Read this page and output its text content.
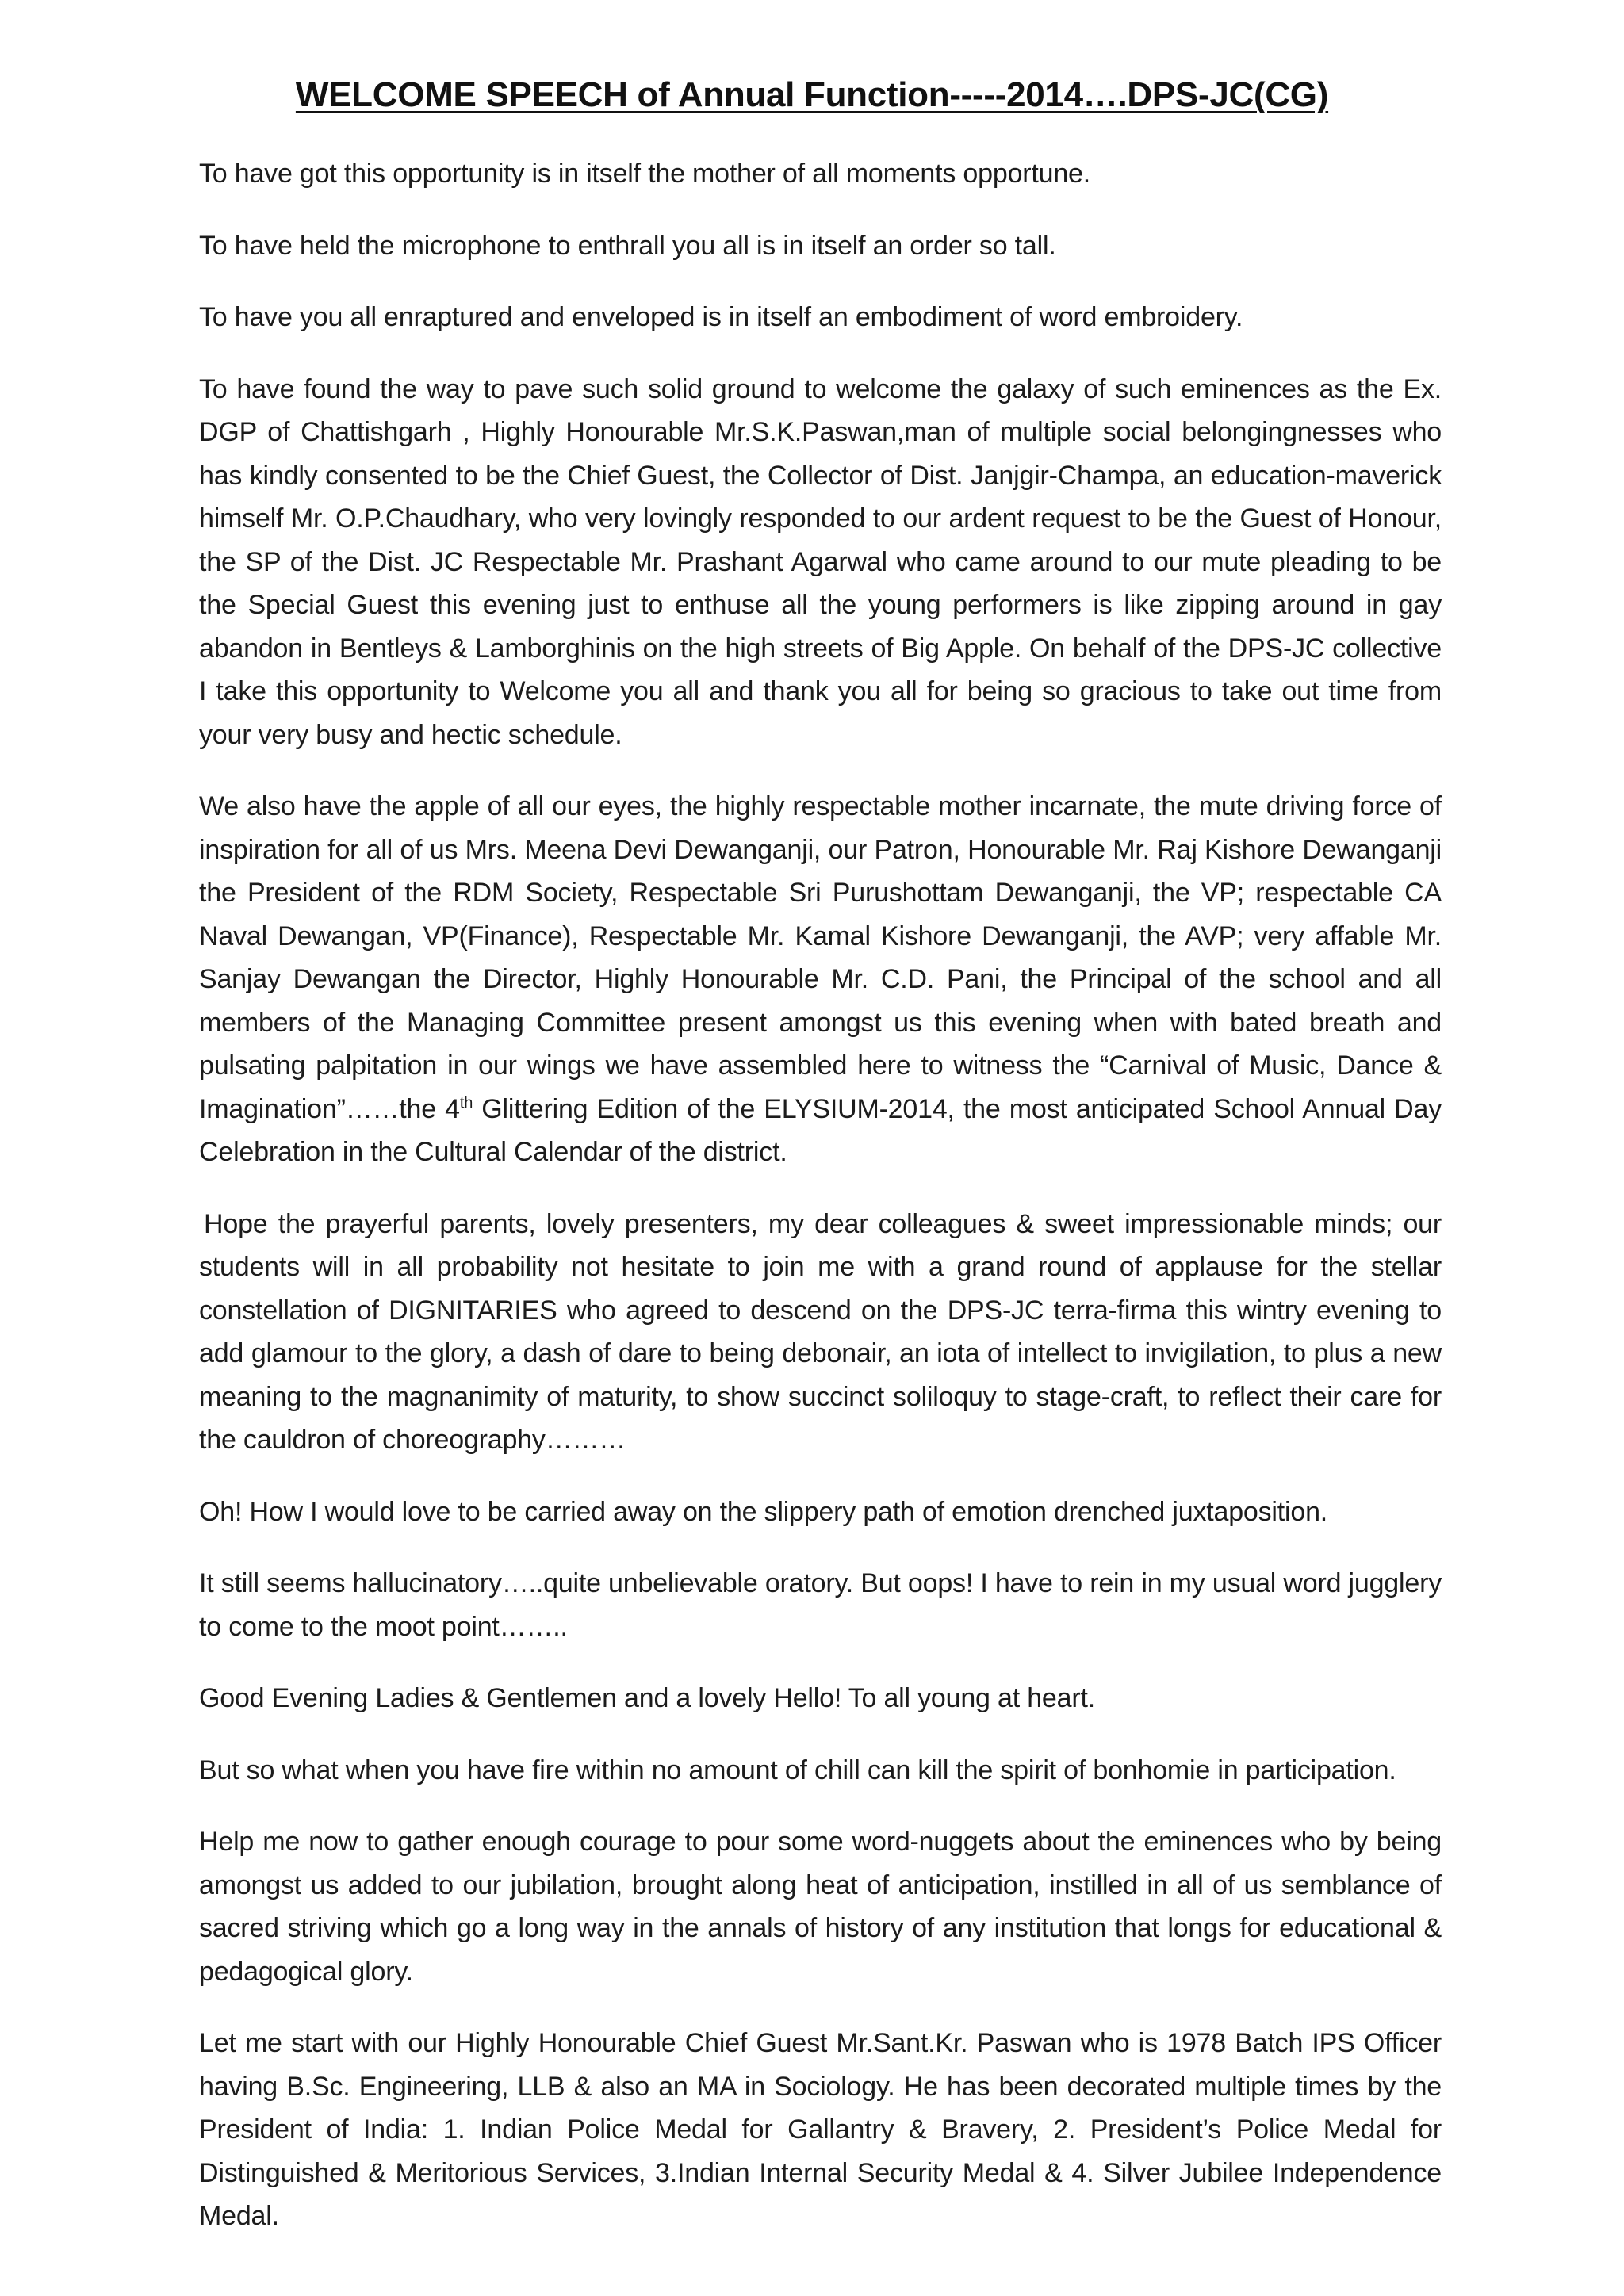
WELCOME SPEECH of Annual Function-----2014….DPS-JC(CG)

To have got this opportunity is in itself the mother of all moments opportune.

To have held the microphone to enthrall you all is in itself an order so tall.

To have you all enraptured and enveloped is in itself an embodiment of word embroidery.

To have found the way to pave such solid ground to welcome the galaxy of such eminences as the Ex. DGP of Chattishgarh , Highly Honourable Mr.S.K.Paswan,man of multiple social belongingnesses who has kindly consented to be the Chief Guest, the Collector of Dist. Janjgir-Champa, an education-maverick himself Mr. O.P.Chaudhary, who very lovingly responded to our ardent request to be the Guest of Honour, the SP of the Dist. JC Respectable Mr. Prashant Agarwal who came around to our mute pleading to be the Special Guest this evening just to enthuse all the young performers is like zipping around in gay abandon in Bentleys & Lamborghinis on the high streets of Big Apple. On behalf of the DPS-JC collective I take this opportunity to Welcome you all and thank you all for being so gracious to take out time from your very busy and hectic schedule.

We also have the apple of all our eyes, the highly respectable mother incarnate, the mute driving force of inspiration for all of us Mrs. Meena Devi Dewanganji, our Patron, Honourable Mr. Raj Kishore Dewanganji the President of the RDM Society, Respectable Sri Purushottam Dewanganji, the VP; respectable CA Naval Dewangan, VP(Finance), Respectable Mr. Kamal Kishore Dewanganji, the AVP; very affable Mr. Sanjay Dewangan the Director, Highly Honourable Mr. C.D. Pani, the Principal of the school and all members of the Managing Committee present amongst us this evening when with bated breath and pulsating palpitation in our wings we have assembled here to witness the “Carnival of Music, Dance & Imagination”……the 4th Glittering Edition of the ELYSIUM-2014, the most anticipated School Annual Day Celebration in the Cultural Calendar of the district.

Hope the prayerful parents, lovely presenters, my dear colleagues & sweet impressionable minds; our students will in all probability not hesitate to join me with a grand round of applause for the stellar constellation of DIGNITARIES who agreed to descend on the DPS-JC terra-firma this wintry evening to add glamour to the glory, a dash of dare to being debonair, an iota of intellect to invigilation, to plus a new meaning to the magnanimity of maturity, to show succinct soliloquy to stage-craft, to reflect their care for the cauldron of choreography………

Oh! How I would love to be carried away on the slippery path of emotion drenched juxtaposition.

It still seems hallucinatory…..quite unbelievable oratory. But oops! I have to rein in my usual word jugglery to come to the moot point……..

Good Evening Ladies & Gentlemen and a lovely Hello! To all young at heart.

But so what when you have fire within no amount of chill can kill the spirit of bonhomie in participation.

Help me now to gather enough courage to pour some word-nuggets about the eminences who by being amongst us added to our jubilation, brought along heat of anticipation, instilled in all of us semblance of sacred striving which go a long way in the annals of history of any institution that longs for educational & pedagogical glory.

Let me start with our Highly Honourable Chief Guest Mr.Sant.Kr. Paswan who is 1978 Batch IPS Officer having B.Sc. Engineering, LLB & also an MA in Sociology. He has been decorated multiple times by the President of India: 1. Indian Police Medal for Gallantry & Bravery, 2. President’s Police Medal for Distinguished & Meritorious Services, 3.Indian Internal Security Medal & 4. Silver Jubilee Independence Medal.
